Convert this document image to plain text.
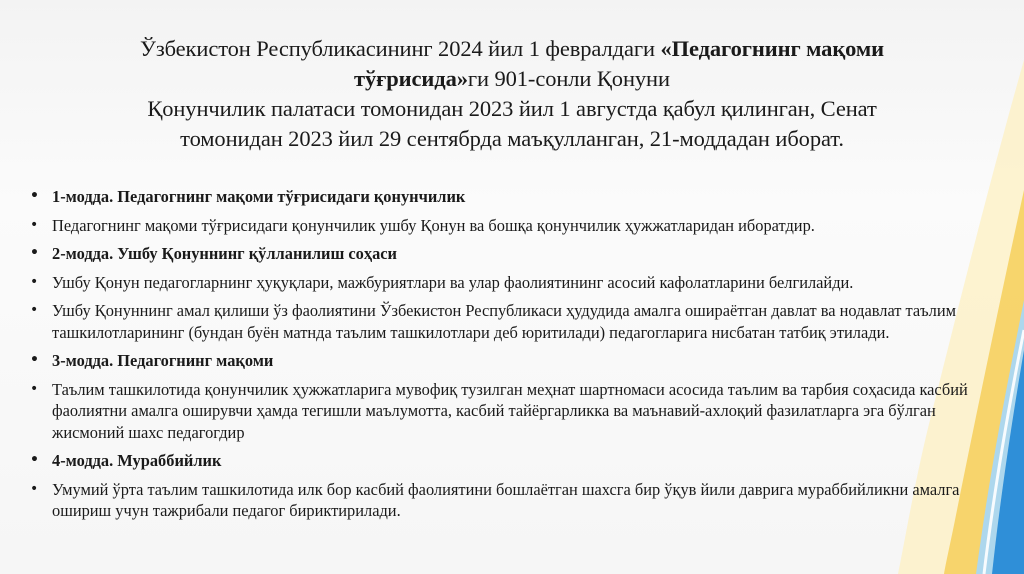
Ўзбекистон Республикасининг 2024 йил 1 февралдаги «Педагогнинг мақоми
тўғрисида»ги 901-сонли Қонуни
Қонунчилик палатаси томонидан 2023 йил 1 августда қабул қилинган, Сенат
томонидан 2023 йил 29 сентябрда маъқулланган, 21-моддадан иборат.
• 1-модда. Педагогнинг мақоми тўғрисидаги қонунчилик
• Педагогнинг мақоми тўғрисидаги қонунчилик ушбу Қонун ва бошқа қонунчилик ҳужжатларидан иборатдир.
• 2-модда. Ушбу Қонуннинг қўлланилиш соҳаси
• Ушбу Қонун педагогларнинг ҳуқуқлари, мажбуриятлари ва улар фаолиятининг асосий кафолатларини белгилайди.
• Ушбу Қонуннинг амал қилиши ўз фаолиятини Ўзбекистон Республикаси ҳудудида амалга ошираётган давлат ва нодавлат таълим ташкилотларининг (бундан буён матнда таълим ташкилотлари деб юритилади) педагогларига нисбатан татбиқ этилади.
• 3-модда. Педагогнинг мақоми
• Таълим ташкилотида қонунчилик ҳужжатларига мувофиқ тузилган меҳнат шартномаси асосида таълим ва тарбия соҳасида касбий фаолиятни амалга оширувчи ҳамда тегишли маълумотта, касбий тайёргарликка ва маънавий-ахлоқий фазилатларга эга бўлган жисмоний шахс педагогдир
• 4-модда. Мураббийлик
• Умумий ўрта таълим ташкилотида илк бор касбий фаолиятини бошлаётган шахсга бир ўқув йили даврига мураббийликни амалга ошириш учун тажрибали педагог бириктирилади.
